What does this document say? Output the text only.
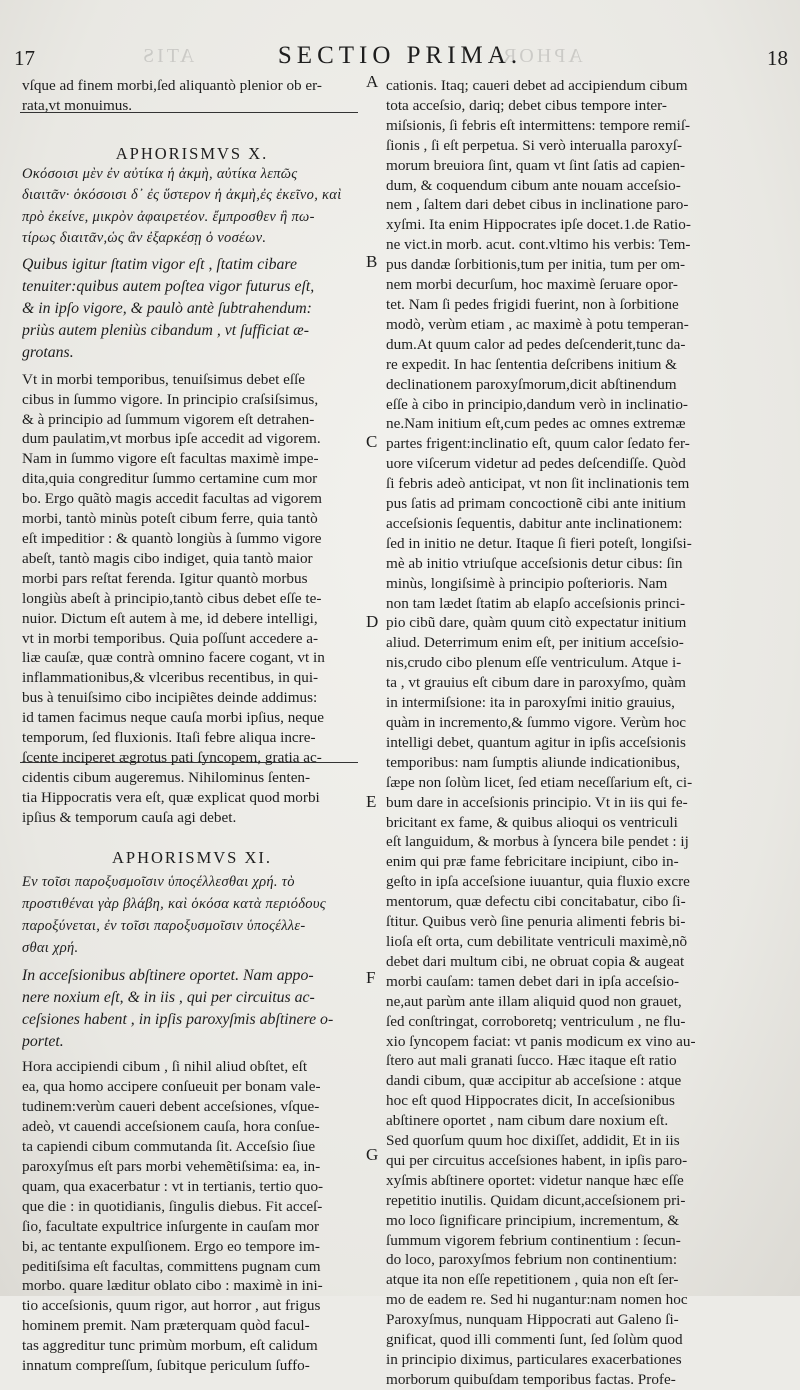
ATIS	APHOR
17	SECTIO PRIMA.	18
vſque ad finem morbi,ſed aliquantò plenior ob er-
rata,vt monuimus.
APHORISMVS X.
Οκόσοισι μὲν ἐν αὐτίκα ἡ ἀκμὴ, αὐτίκα λεπῶς
διαιτᾶν· ὁκόσοισι δ᾽ ἐς ὕστερον ἡ ἀκμὴ,ἐς ἐκεῖνο, καὶ
πρὸ ἐκείνε, μικρὸν ἀφαιρετέον. ἔμπροσθεν ἢ πω-
τίρως διαιτᾶν,ὡς ἂν ἐξαρκέσῃ ὁ νοσέων.
Quibus igitur ſtatim vigor eſt , ſtatim cibare
tenuiter:quibus autem poſtea vigor futurus eſt,
& in ipſo vigore, & paulò antè ſubtrahendum:
priùs autem pleniùs cibandum , vt ſufficiat æ-
grotans.
Vt in morbi temporibus, tenuiſsimus debet eſſe
cibus in ſummo vigore. In principio craſsiſsimus,
& à principio ad ſummum vigorem eſt detrahen-
dum paulatim,vt morbus ipſe accedit ad vigorem.
Nam in ſummo vigore eſt facultas maximè impe-
dita,quia congreditur ſummo certamine cum mor
bo. Ergo quãtò magis accedit facultas ad vigorem
morbi, tantò minùs poteſt cibum ferre, quia tantò
eſt impeditior : & quantò longiùs à ſummo vigore
abeſt, tantò magis cibo indiget, quia tantò maior
morbi pars reſtat ferenda. Igitur quantò morbus
longiùs abeſt à principio,tantò cibus debet eſſe te-
nuior. Dictum eſt autem à me, id debere intelligi,
vt in morbi temporibus. Quia poſſunt accedere a-
liæ cauſæ, quæ contrà omnino facere cogant, vt in
inflammationibus,& vlceribus recentibus, in qui-
bus à tenuiſsimo cibo incipiẽtes deinde addimus:
id tamen facimus neque cauſa morbi ipſius, neque
temporum, ſed fluxionis. Itaſi febre aliqua incre-
ſcente inciperet ægrotus pati ſyncopem, gratia ac-
cidentis cibum augeremus. Nihilominus ſenten-
tia Hippocratis vera eſt, quæ explicat quod morbi
ipſius & temporum cauſa agi debet.
APHORISMVS XI.
Εν τοῖσι παροξυσμοῖσιν ὑποςέλλεσθαι χρή. τὸ
προστιθέναι γὰρ βλάβη, καὶ ὁκόσα κατὰ περιόδους
παροξύνεται, ἐν τοῖσι παροξυσμοῖσιν ὑποςέλλε-
σθαι χρή.
In acceſsionibus abſtinere oportet. Nam appo-
nere noxium eſt, & in iis , qui per circuitus ac-
ceſsiones habent , in ipſis paroxyſmis abſtinere o-
portet.
Hora accipiendi cibum , ſi nihil aliud obſtet, eſt
ea, qua homo accipere conſueuit per bonam vale-
tudinem:verùm caueri debent acceſsiones, vſque-
adeò, vt cauendi acceſsionem cauſa, hora conſue-
ta capiendi cibum commutanda ſit. Acceſsio ſiue
paroxyſmus eſt pars morbi vehemẽtiſsima: ea, in-
quam, qua exacerbatur : vt in tertianis, tertio quo-
que die : in quotidianis, ſingulis diebus. Fit acceſ-
ſio, facultate expultrice inſurgente in cauſam mor
bi, ac tentante expulſionem. Ergo eo tempore im-
peditiſsima eſt facultas, committens pugnam cum
morbo. quare læditur oblato cibo : maximè in ini-
tio acceſsionis, quum rigor, aut horror , aut frigus
hominem premit. Nam præterquam quòd facul-
tas aggreditur tunc primùm morbum, eſt calidum
innatum compreſſum, ſubitque periculum ſuffo-
cationis. Itaq; caueri debet ad accipiendum cibum
tota acceſsio, dariq; debet cibus tempore inter-
miſsionis, ſi febris eſt intermittens: tempore remiſ-
ſionis , ſi eſt perpetua. Si verò interualla paroxyſ-
morum breuiora ſint, quam vt ſint ſatis ad capien-
dum, & coquendum cibum ante nouam acceſsio-
nem , ſaltem dari debet cibus in inclinatione paro-
xyſmi. Ita enim Hippocrates ipſe docet.1.de Ratio-
ne vict.in morb. acut. cont.vltimo his verbis: Tem-
pus dandæ ſorbitionis,tum per initia, tum per om-
nem morbi decurſum, hoc maximè ſeruare opor-
tet. Nam ſi pedes frigidi fuerint, non à ſorbitione
modò, verùm etiam , ac maximè à potu temperan-
dum.At quum calor ad pedes deſcenderit,tunc da-
re expedit. In hac ſententia deſcribens initium &
declinationem paroxyſmorum,dicit abſtinendum
eſſe à cibo in principio,dandum verò in inclinatio-
ne.Nam initium eſt,cum pedes ac omnes extremæ
partes frigent:inclinatio eſt, quum calor ſedato fer-
uore viſcerum videtur ad pedes deſcendiſſe. Quòd
ſi febris adeò anticipat, vt non ſit inclinationis tem
pus ſatis ad primam concoctionẽ cibi ante initium
acceſsionis ſequentis, dabitur ante inclinationem:
ſed in initio ne detur. Itaque ſi fieri poteſt, longiſsi-
mè ab initio vtriuſque acceſsionis detur cibus: ſin
minùs, longiſsimè à principio poſterioris. Nam
non tam lædet ſtatim ab elapſo acceſsionis princi-
pio cibũ dare, quàm quum citò expectatur initium
aliud. Deterrimum enim eſt, per initium acceſsio-
nis,crudo cibo plenum eſſe ventriculum. Atque i-
ta , vt grauius eſt cibum dare in paroxyſmo, quàm
in intermiſsione: ita in paroxyſmi initio grauius,
quàm in incremento,& ſummo vigore. Verùm hoc
intelligi debet, quantum agitur in ipſis acceſsionis
temporibus: nam ſumptis aliunde indicationibus,
ſæpe non ſolùm licet, ſed etiam neceſſarium eſt, ci-
bum dare in acceſsionis principio. Vt in iis qui fe-
bricitant ex fame, & quibus alioqui os ventriculi
eſt languidum, & morbus à ſyncera bile pendet : ij
enim qui præ fame febricitare incipiunt, cibo in-
geſto in ipſa acceſsione iuuantur, quia fluxio excre
mentorum, quæ defectu cibi concitabatur, cibo ſi-
ſtitur. Quibus verò ſine penuria alimenti febris bi-
lioſa eſt orta, cum debilitate ventriculi maximè,nõ
debet dari multum cibi, ne obruat copia & augeat
morbi cauſam: tamen debet dari in ipſa acceſsio-
ne,aut parùm ante illam aliquid quod non grauet,
ſed conſtringat, corroboretq; ventriculum , ne flu-
xio ſyncopem faciat: vt panis modicum ex vino au-
ſtero aut mali granati ſucco. Hæc itaque eſt ratio
dandi cibum, quæ accipitur ab acceſsione : atque
hoc eſt quod Hippocrates dicit, In acceſsionibus
abſtinere oportet , nam cibum dare noxium eſt.
Sed quorſum quum hoc dixiſſet, addidit, Et in iis
qui per circuitus acceſsiones habent, in ipſis paro-
xyſmis abſtinere oportet: videtur nanque hæc eſſe
repetitio inutilis. Quidam dicunt,acceſsionem pri-
mo loco ſignificare principium, incrementum, &
ſummum vigorem febrium continentium : ſecun-
do loco, paroxyſmos febrium non continentium:
atque ita non eſſe repetitionem , quia non eſt ſer-
mo de eadem re. Sed hi nugantur:nam nomen hoc
Paroxyſmus, nunquam Hippocrati aut Galeno ſi-
gnificat, quod illi commenti ſunt, ſed ſolùm quod
in principio diximus, particulares exacerbationes
morborum quibuſdam temporibus factas. Profe-
A
B
C
D
E
F
G
